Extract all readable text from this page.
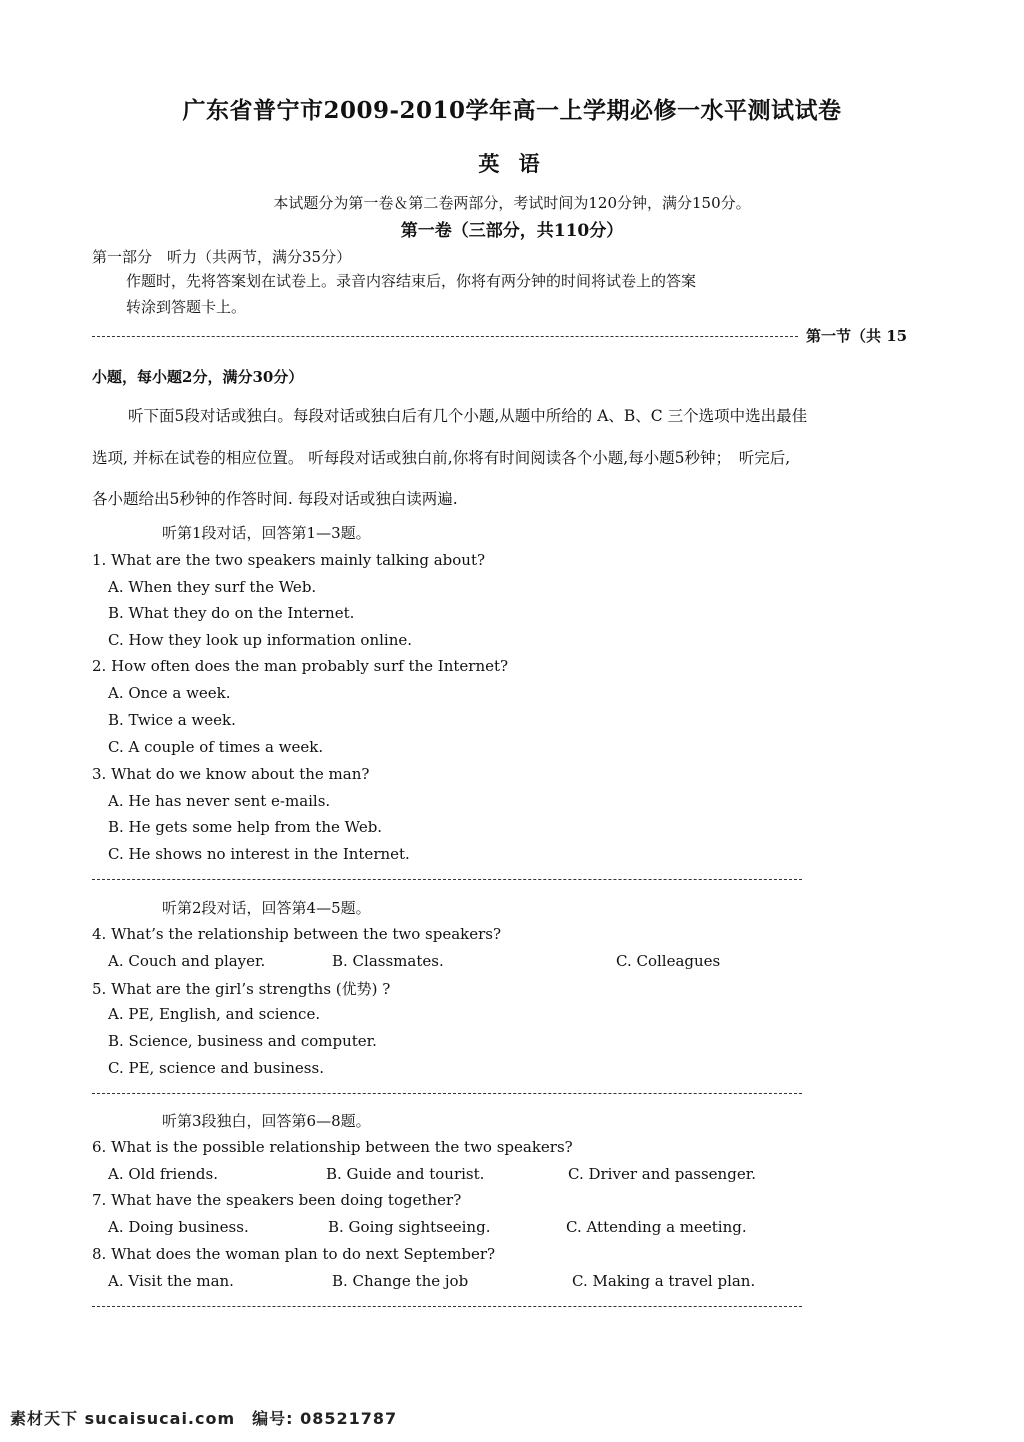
广东省普宁市2009-2010学年高一上学期必修一水平测试试卷
英 语
本试题分为第一卷＆第二卷两部分，考试时间为120分钟，满分150分。
第一卷（三部分，共110分）
第一部分　听力（共两节，满分35分）
作题时，先将答案划在试卷上。录音内容结束后，你将有两分钟的时间将试卷上的答案
转涂到答题卡上。
第一节（共 15
小题，每小题2分，满分30分）
听下面5段对话或独白。每段对话或独白后有几个小题,从题中所给的 A、B、C 三个选项中选出最佳
选项, 并标在试卷的相应位置。 听每段对话或独白前,你将有时间阅读各个小题,每小题5秒钟；　听完后,
各小题给出5秒钟的作答时间. 每段对话或独白读两遍.
听第1段对话，回答第1—3题。
1. What are the two speakers mainly talking about?
A. When they surf the Web.
B. What they do on the Internet.
C. How they look up information online.
2. How often does the man probably surf the Internet?
A. Once a week.
B. Twice a week.
C. A couple of times a week.
3. What do we know about the man?
A. He has never sent e-mails.
B. He gets some help from the Web.
C. He shows no interest in the Internet.
听第2段对话，回答第4—5题。
4. What’s the relationship between the two speakers?
A. Couch and player.	B. Classmates.	C. Colleagues
5. What are the girl’s strengths (优势) ?
A. PE, English, and science.
B. Science, business and computer.
C. PE, science and business.
听第3段独白，回答第6—8题。
6. What is the possible relationship between the two speakers?
A. Old friends.	B. Guide and tourist.	C. Driver and passenger.
7. What have the speakers been doing together?
A. Doing business.	B. Going sightseeing.	C. Attending a meeting.
8. What does the woman plan to do next September?
A. Visit the man.	B. Change the job	C. Making a travel plan.
素材天下 sucaisucai.com　编号: 08521787
